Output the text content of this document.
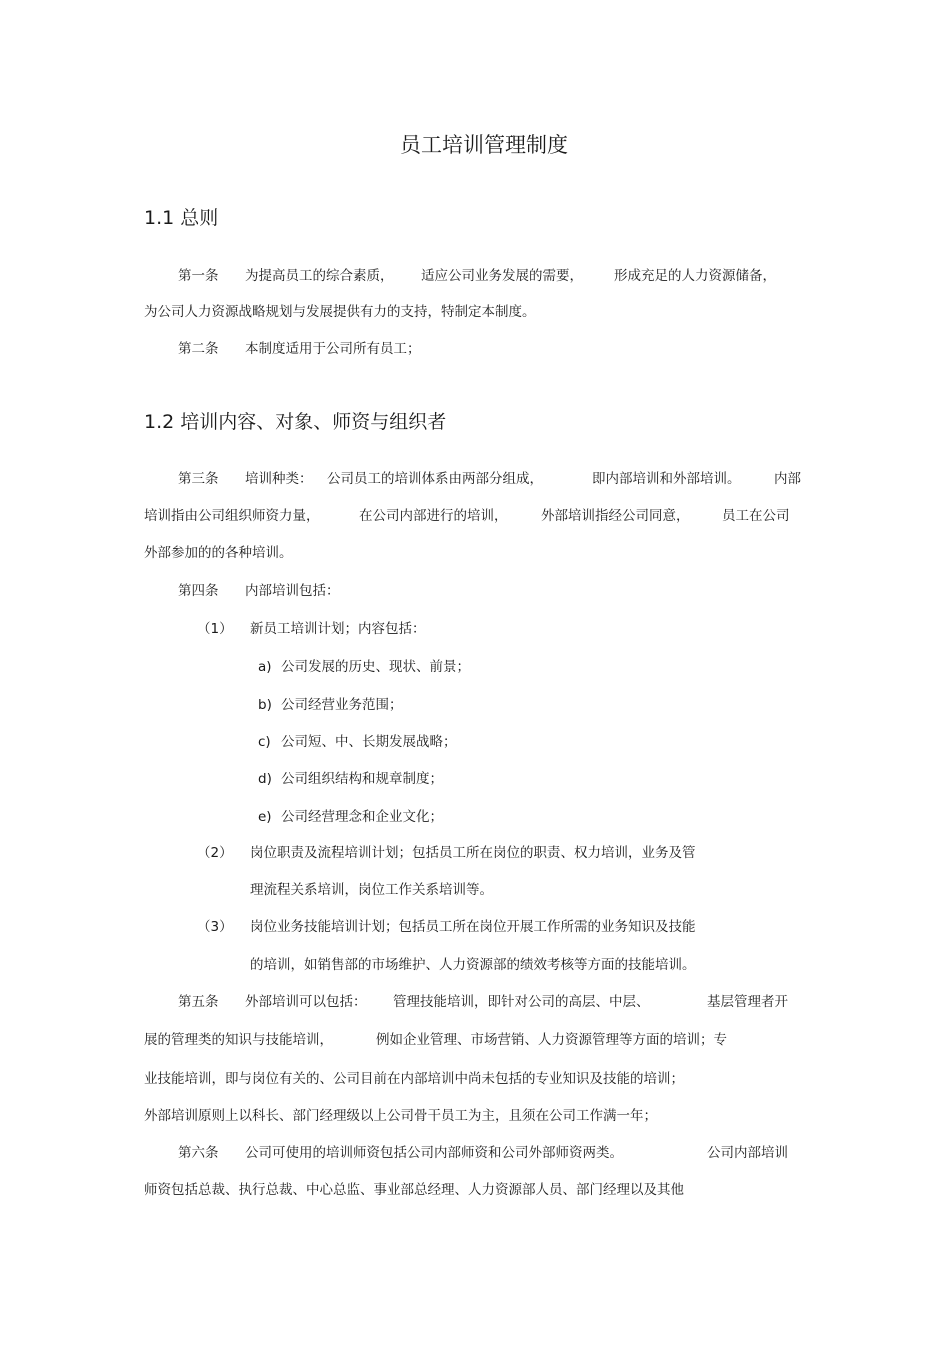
员工培训管理制度
1.1 总则
第一条 为提高员工的综合素质， 适应公司业务发展的需要， 形成充足的人力资源储备，
为公司人力资源战略规划与发展提供有力的支持，特制定本制度。
第二条 本制度适用于公司所有员工；
1.2 培训内容、对象、师资与组织者
第三条 培训种类： 公司员工的培训体系由两部分组成，	即内部培训和外部培训。 内部
培训指由公司组织师资力量，	在公司内部进行的培训， 外部培训指经公司同意， 员工在公司
外部参加的的各种培训。
第四条 内部培训包括：
（1） 新员工培训计划；内容包括：
a) 公司发展的历史、现状、前景；
b) 公司经营业务范围；
c) 公司短、中、长期发展战略；
d) 公司组织结构和规章制度；
e) 公司经营理念和企业文化；
（2） 岗位职责及流程培训计划；包括员工所在岗位的职责、权力培训，业务及管
理流程关系培训，岗位工作关系培训等。
（3） 岗位业务技能培训计划；包括员工所在岗位开展工作所需的业务知识及技能
的培训，如销售部的市场维护、人力资源部的绩效考核等方面的技能培训。
第五条 外部培训可以包括： 管理技能培训，即针对公司的高层、中层、	基层管理者开
展的管理类的知识与技能培训，	例如企业管理、市场营销、人力资源管理等方面的培训；专
业技能培训，即与岗位有关的、公司目前在内部培训中尚未包括的专业知识及技能的培训；
外部培训原则上以科长、部门经理级以上公司骨干员工为主，且须在公司工作满一年；
第六条 公司可使用的培训师资包括公司内部师资和公司外部师资两类。	公司内部培训
师资包括总裁、执行总裁、中心总监、事业部总经理、人力资源部人员、部门经理以及其他
